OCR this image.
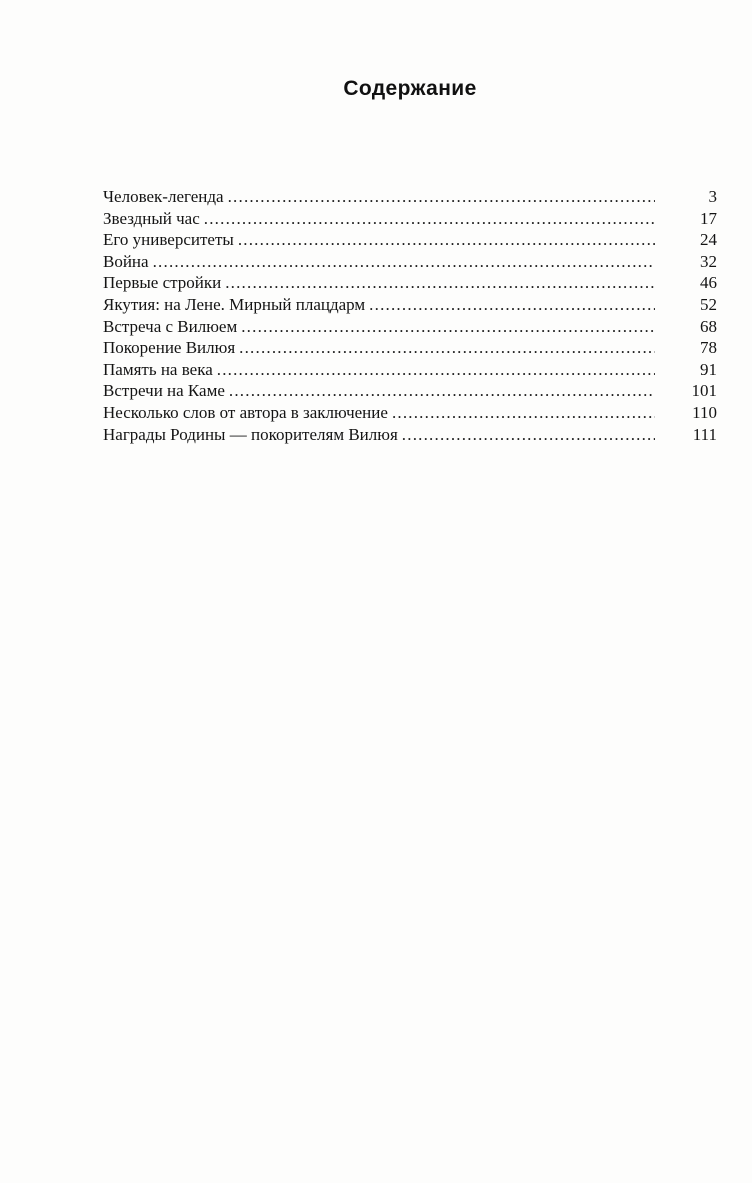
Содержание
Человек-легенда .....	3
Звездный час .....	17
Его университеты .....	24
Война .....	32
Первые стройки .....	46
Якутия: на Лене. Мирный плацдарм .....	52
Встреча с Вилюем .....	68
Покорение Вилюя .....	78
Память на века .....	91
Встречи на Каме .....	101
Несколько слов от автора в заключение .....	110
Награды Родины — покорителям Вилюя .....	111
